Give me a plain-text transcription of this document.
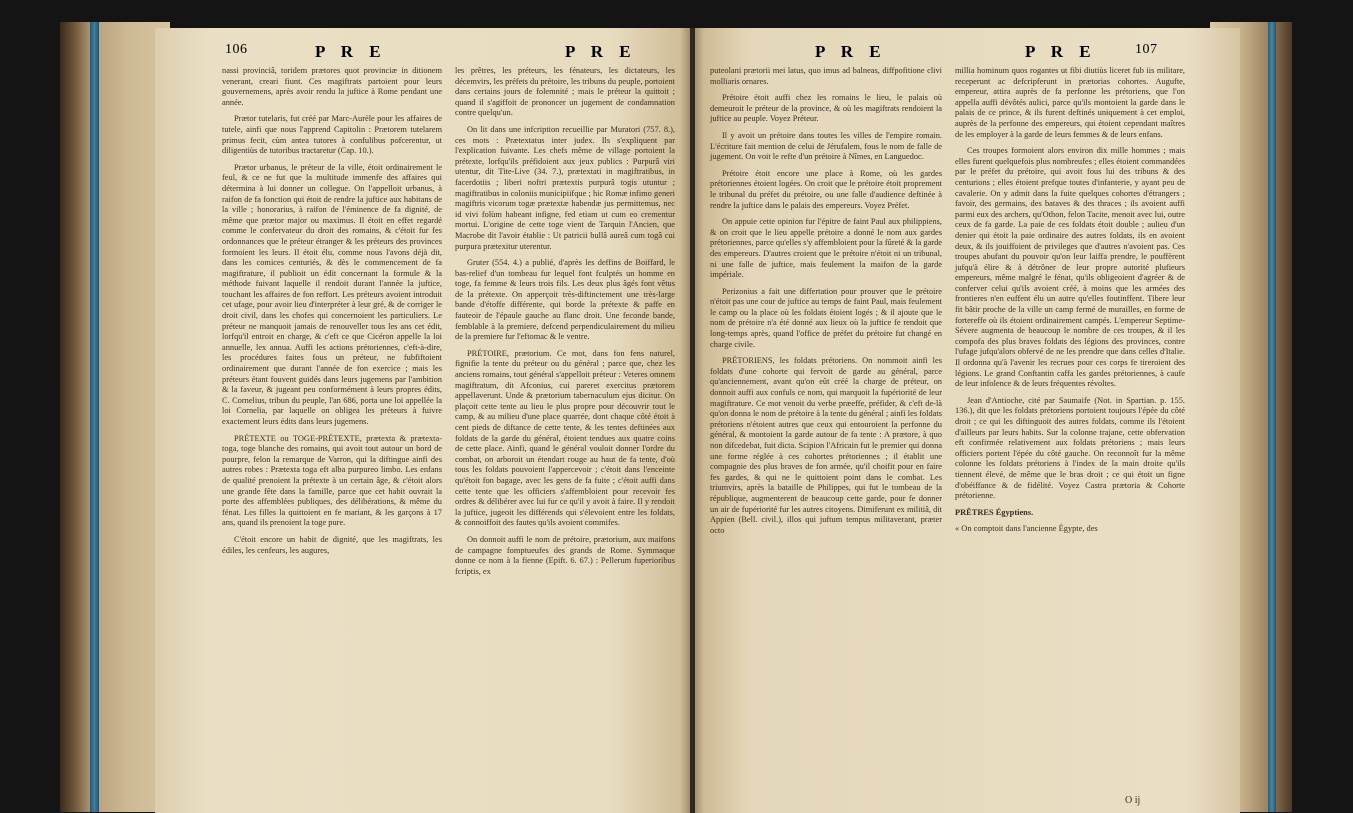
106	P R E	P R E	P R E	P R E	107

nassi provinciâ, toridem prætores quot provinciæ in ditionem venerant, creari fiunt. Ces magiftrats partoient pour leurs gouvernemens, après avoir rendu la juftice à Rome pendant une année.

Prætor tutelaris, fut créé par Marc-Aurèle pour les affaires de tutele, ainfi que nous l'apprend Capitolin : Prætorem tutelarem primus fecit, cùm antea tutores à confulibus pofcerentur, ut diligentiùs de tutoribus tractaretur (Cap. 10.).

Prætor urbanus, le préteur de la ville, étoit ordinairement le feul, & ce ne fut que la multitude immenfe des affaires qui détermina à lui donner un collegue. On l'appelloit urbanus, à raifon de fa fonction qui étoit de rendre la juftice aux habitans de la ville ; honorarius, à raifon de l'éminence de fa dignité, de même que prætor major ou maximus. Il étoit en effet regardé comme le confervateur du droit des romains, & c'étoit fur fes ordonnances que le préteur étranger & les préteurs des provinces formoient les leurs. Il étoit élu, comme nous l'avons déjà dit, dans les comices centuriés, & dès le commencement de fa magiftrature, il publioit un édit concernant la formule & la méthode fuivant laquelle il rendoit durant l'année la juftice, touchant les affaires de fon reffort. Les préteurs avoient introduit cet ufage, pour avoir lieu d'interpréter à leur gré, & de corriger le droit civil, dans les chofes qui concernoient les particuliers. Le préteur ne manquoit jamais de renouveller tous les ans cet édit, lorfqu'il entroit en charge, & c'eft ce que Cicéron appelle la loi annuelle, lex annua. Auffi les actions prétoriennes, c'eft-à-dire, les procédures faites fous un préteur, ne fubfiftoient ordinairement que durant l'année de fon exercice ; mais les préteurs étant fouvent guidés dans leurs jugemens par l'ambition & la faveur, & jugeant peu conformément à leurs propres édits, C. Cornelius, tribun du peuple, l'an 686, porta une loi appellée la loi Cornelia, par laquelle on obligea les préteurs à fuivre exactement leurs édits dans leurs jugemens.

PRÉTEXTE ou TOGE-PRÉTEXTE, prætexta & prætexta-toga, toge blanche des romains, qui avoit tout autour un bord de pourpre, felon la remarque de Varron, qui la diftingue ainfi des autres robes : Prætexta toga eft alba purpureo limbo. Les enfans de qualité prenoient la prétexte à un certain âge, & c'étoit alors une grande fête dans la famille, parce que cet habit ouvrait la porte des affemblées publiques, des délibérations, & même du fénat. Les filles la quittoient en fe mariant, & les garçons à 17 ans, quand ils prenoient la toge pure.

C'étoit encore un habit de dignité, que les magiftrats, les édiles, les cenfeurs, les augures,

les prêtres, les préteurs, les fénateurs, les dictateurs, les décemvirs, les préfets du prétoire, les tribuns du peuple, portoient dans certains jours de folemnité ; mais le préteur la quittoit ; quand il s'agiffoit de prononcer un jugement de condamnation contre quelqu'un.

On lit dans une infcription recueillie par Muratori (757. 8.), ces mots : Prætextatus inter judex. Ils s'expliquent par l'explication fuivante. Les chefs même de village portoient la prétexte, lorfqu'ils préfidoient aux jeux publics : Purpurâ viri utentur, dit Tite-Live (34. 7.), prætextati in magiftratibus, in facerdotiis ; liberi noftri prætextis purpurâ togis utuntur ; magiftratibus in coloniis municipiifque ; hic Romæ infimo generi magiftris vicorum togæ prætextæ habendæ jus permittemus, nec id vivi folùm habeant infigne, fed etiam ut cum eo crementur mortui. L'origine de cette toge vient de Tarquin l'Ancien, que Macrobe dit l'avoir établie : Ut patricii bullâ aureâ cum togâ cui purpura prætexitur uterentur.

Gruter (554. 4.) a publié, d'après les deffins de Boiffard, le bas-relief d'un tombeau fur lequel font fculptés un homme en toge, fa femme & leurs trois fils. Les deux plus âgés font vêtus de la prétexte. On apperçoit très-diftinctement une très-large bande d'étoffe différente, qui borde la prétexte & paffe en fauteoir de l'épaule gauche au flanc droit. Une feconde bande, femblable à la premiere, defcend perpendiculairement du milieu de la premiere fur l'eftomac & le ventre.

PRÉTOIRE, prætorium. Ce mot, dans fon fens naturel, fignifie la tente du préteur ou du général ; parce que, chez les anciens romains, tout général s'appelloit préteur : Veteres omnem magiftratum, dit Afconius, cui pareret exercitus prætorem appellaverunt. Unde & prætorium tabernaculum ejus dicitur. On plaçoit cette tente au lieu le plus propre pour découvrir tout le camp, & au milieu d'une place quarrée, dont chaque côté étoit à cent pieds de diftance de cette tente, & les tentes deftinées aux foldats de la garde du général, étoient tendues aux quatre coins de cette place. Ainfi, quand le général vouloit donner l'ordre du combat, on arboroit un étendart rouge au haut de fa tente, d'où tous les foldats pouvoient l'appercevoir ; c'étoit dans l'enceinte qu'étoit fon bagage, avec les gens de fa fuite ; c'étoit auffi dans cette tente que les officiers s'affembloient pour recevoir fes ordres & délibérer avec lui fur ce qu'il y avoit à faire. Il y rendoit la juftice, jugeoit les différends qui s'élevoient entre les foldats, & connoiffoit des fautes qu'ils avoient commifes.

On donnoit auffi le nom de prétoire, prætorium, aux maifons de campagne fomptueufes des grands de Rome. Symmaque donne ce nom à la fienne (Epift. 6. 67.) : Pellerum fuperioribus fcriptis, ex

puteolani prætorii mei latus, quo imus ad balneas, diffpofitione clivi molliaris ornares.

Prétoire étoit auffi chez les romains le lieu, le palais où demeuroit le préteur de la province, & où les magiftrats rendoient la juftice au peuple. Voyez Préteur.

Il y avoit un prétoire dans toutes les villes de l'empire romain. L'écriture fait mention de celui de Jérufalem, fous le nom de falle de jugement. On voit le refte d'un prétoire à Nîmes, en Languedoc.

Prétoire étoit encore une place à Rome, où les gardes prétoriennes étoient logées. On croit que le prétoire étoit proprement le tribunal du préfet du prétoire, ou une falle d'audience deftinée à rendre la juftice dans le palais des empereurs. Voyez Préfet.

On appuie cette opinion fur l'épitre de faint Paul aux philippiens, & on croit que le lieu appelle prétoire a donné le nom aux gardes prétoriennes, parce qu'elles s'y affembloient pour la fûreté & la garde des empereurs. D'autres croient que le prétoire n'étoit ni un tribunal, ni une falle de juftice, mais feulement la maifon de la garde impériale.

Perizonius a fait une differtation pour prouver que le prétoire n'étoit pas une cour de juftice au temps de faint Paul, mais feulement le camp ou la place où les foldats étoient logés ; & il ajoute que le nom de prétoire n'a été donné aux lieux où la juftice fe rendoit que long-temps après, quand l'office de préfet du prétoire fut changé en charge civile.

PRÉTORIENS, les foldats prétoriens. On nommoit ainfi les foldats d'une cohorte qui fervoit de garde au général, parce qu'anciennement, avant qu'on eût créé la charge de préteur, on donnoit auffi aux confuls ce nom, qui marquoit la fupériorité de leur magiftrature. Ce mot venoit du verbe præeffe, préfider, & c'eft de-là qu'on donna le nom de prétoire à la tente du général ; ainfi les foldats prétoriens n'étoient autres que ceux qui entouroient la perfonne du général, & montoient la garde autour de fa tente : A prætore, à quo non difcedebat, fuit dicta. Scipion l'Africain fut le premier qui donna une forme réglée à ces cohortes prétoriennes ; il établit une compagnie des plus braves de fon armée, qu'il choifit pour en faire fes gardes, & qui ne le quittoient point dans le combat. Les triumvirs, après la bataille de Philippes, qui fut le tombeau de la république, augmenterent de beaucoup cette garde, pour fe donner un air de fupériorité fur les autres citoyens. Dimiferunt ex militiâ, dit Appien (Bell. civil.), illos qui juftum tempus militaverant, præter octo

millia hominum quos rogantes ut fibi diutiùs liceret fub iis militare, receperunt ac defcripferunt in prætorias cohortes. Augufte, empereur, attira auprès de fa perfonne les prétoriens, que l'on appella auffi dévôtés aulici, parce qu'ils montoient la garde dans le palais de ce prince, & ils furent deftinés uniquement à cet emploi, auprès de la perfonne des empereurs, qui étoient cependant maîtres de les employer à la garde de leurs femmes & de leurs enfans.

Ces troupes formoient alors environ dix mille hommes ; mais elles furent quelquefois plus nombreufes ; elles étoient commandées par le préfet du prétoire, qui avoit fous lui des tribuns & des centurions ; elles étoient prefque toutes d'infanterie, y ayant peu de cavalerie. On y admit dans la fuite quelques cohortes d'étrangers ; favoir, des germains, des bataves & des thraces ; ils avoient auffi parmi eux des archers, qu'Othon, felon Tacite, menoit avec lui, outre ceux de fa garde. La paie de ces foldats étoit double ; aulieu d'un denier qui étoit la paie ordinaire des autres foldats, ils en avoient deux, & ils jouiffoient de privileges que d'autres n'avoient pas. Ces troupes abufant du pouvoir qu'on leur laiffa prendre, le pouffèrent jufqu'à élire & à détrôner de leur propre autorité plufieurs empereurs, même malgré le fénat, qu'ils obligeoient d'agréer & de conferver celui qu'ils avoient créé, à moins que les armées des frontieres n'en euffent élu un autre qu'elles foutinffent. Tibere leur fit bâtir proche de la ville un camp fermé de murailles, en forme de fortereffe où ils étoient ordinairement campés. L'empereur Septime-Sévere augmenta de beaucoup le nombre de ces troupes, & il les compofa des plus braves foldats des légions des provinces, contre l'ufage jufqu'alors obfervé de ne les prendre que dans celles d'Italie. Il ordonna qu'à l'avenir les recrues pour ces corps fe tireroient des légions. Le grand Conftantin caffa les gardes prétoriennes, à caufe de leur infolence & de leurs fréquentes révoltes.

Jean d'Antioche, cité par Saumaife (Not. in Spartian. p. 155. 136.), dit que les foldats prétoriens portoient toujours l'épée du côté droit ; ce qui les diftinguoit des autres foldats, comme ils l'étoient d'ailleurs par leurs habits. Sur la colonne trajane, cette obfervation eft confirmée relativement aux foldats prétoriens ; mais leurs officiers portent l'épée du côté gauche. On reconnoît fur la même colonne les foldats prétoriens à l'index de la main droite qu'ils tiennent élevé, de même que le bras droit ; ce qui étoit un figne d'obéiffance & de fidélité. Voyez Castra prætoria & Cohorte prétorienne.

PRÊTRES Égyptiens.

« On comptoit dans l'ancienne Égypte, des

O ij
